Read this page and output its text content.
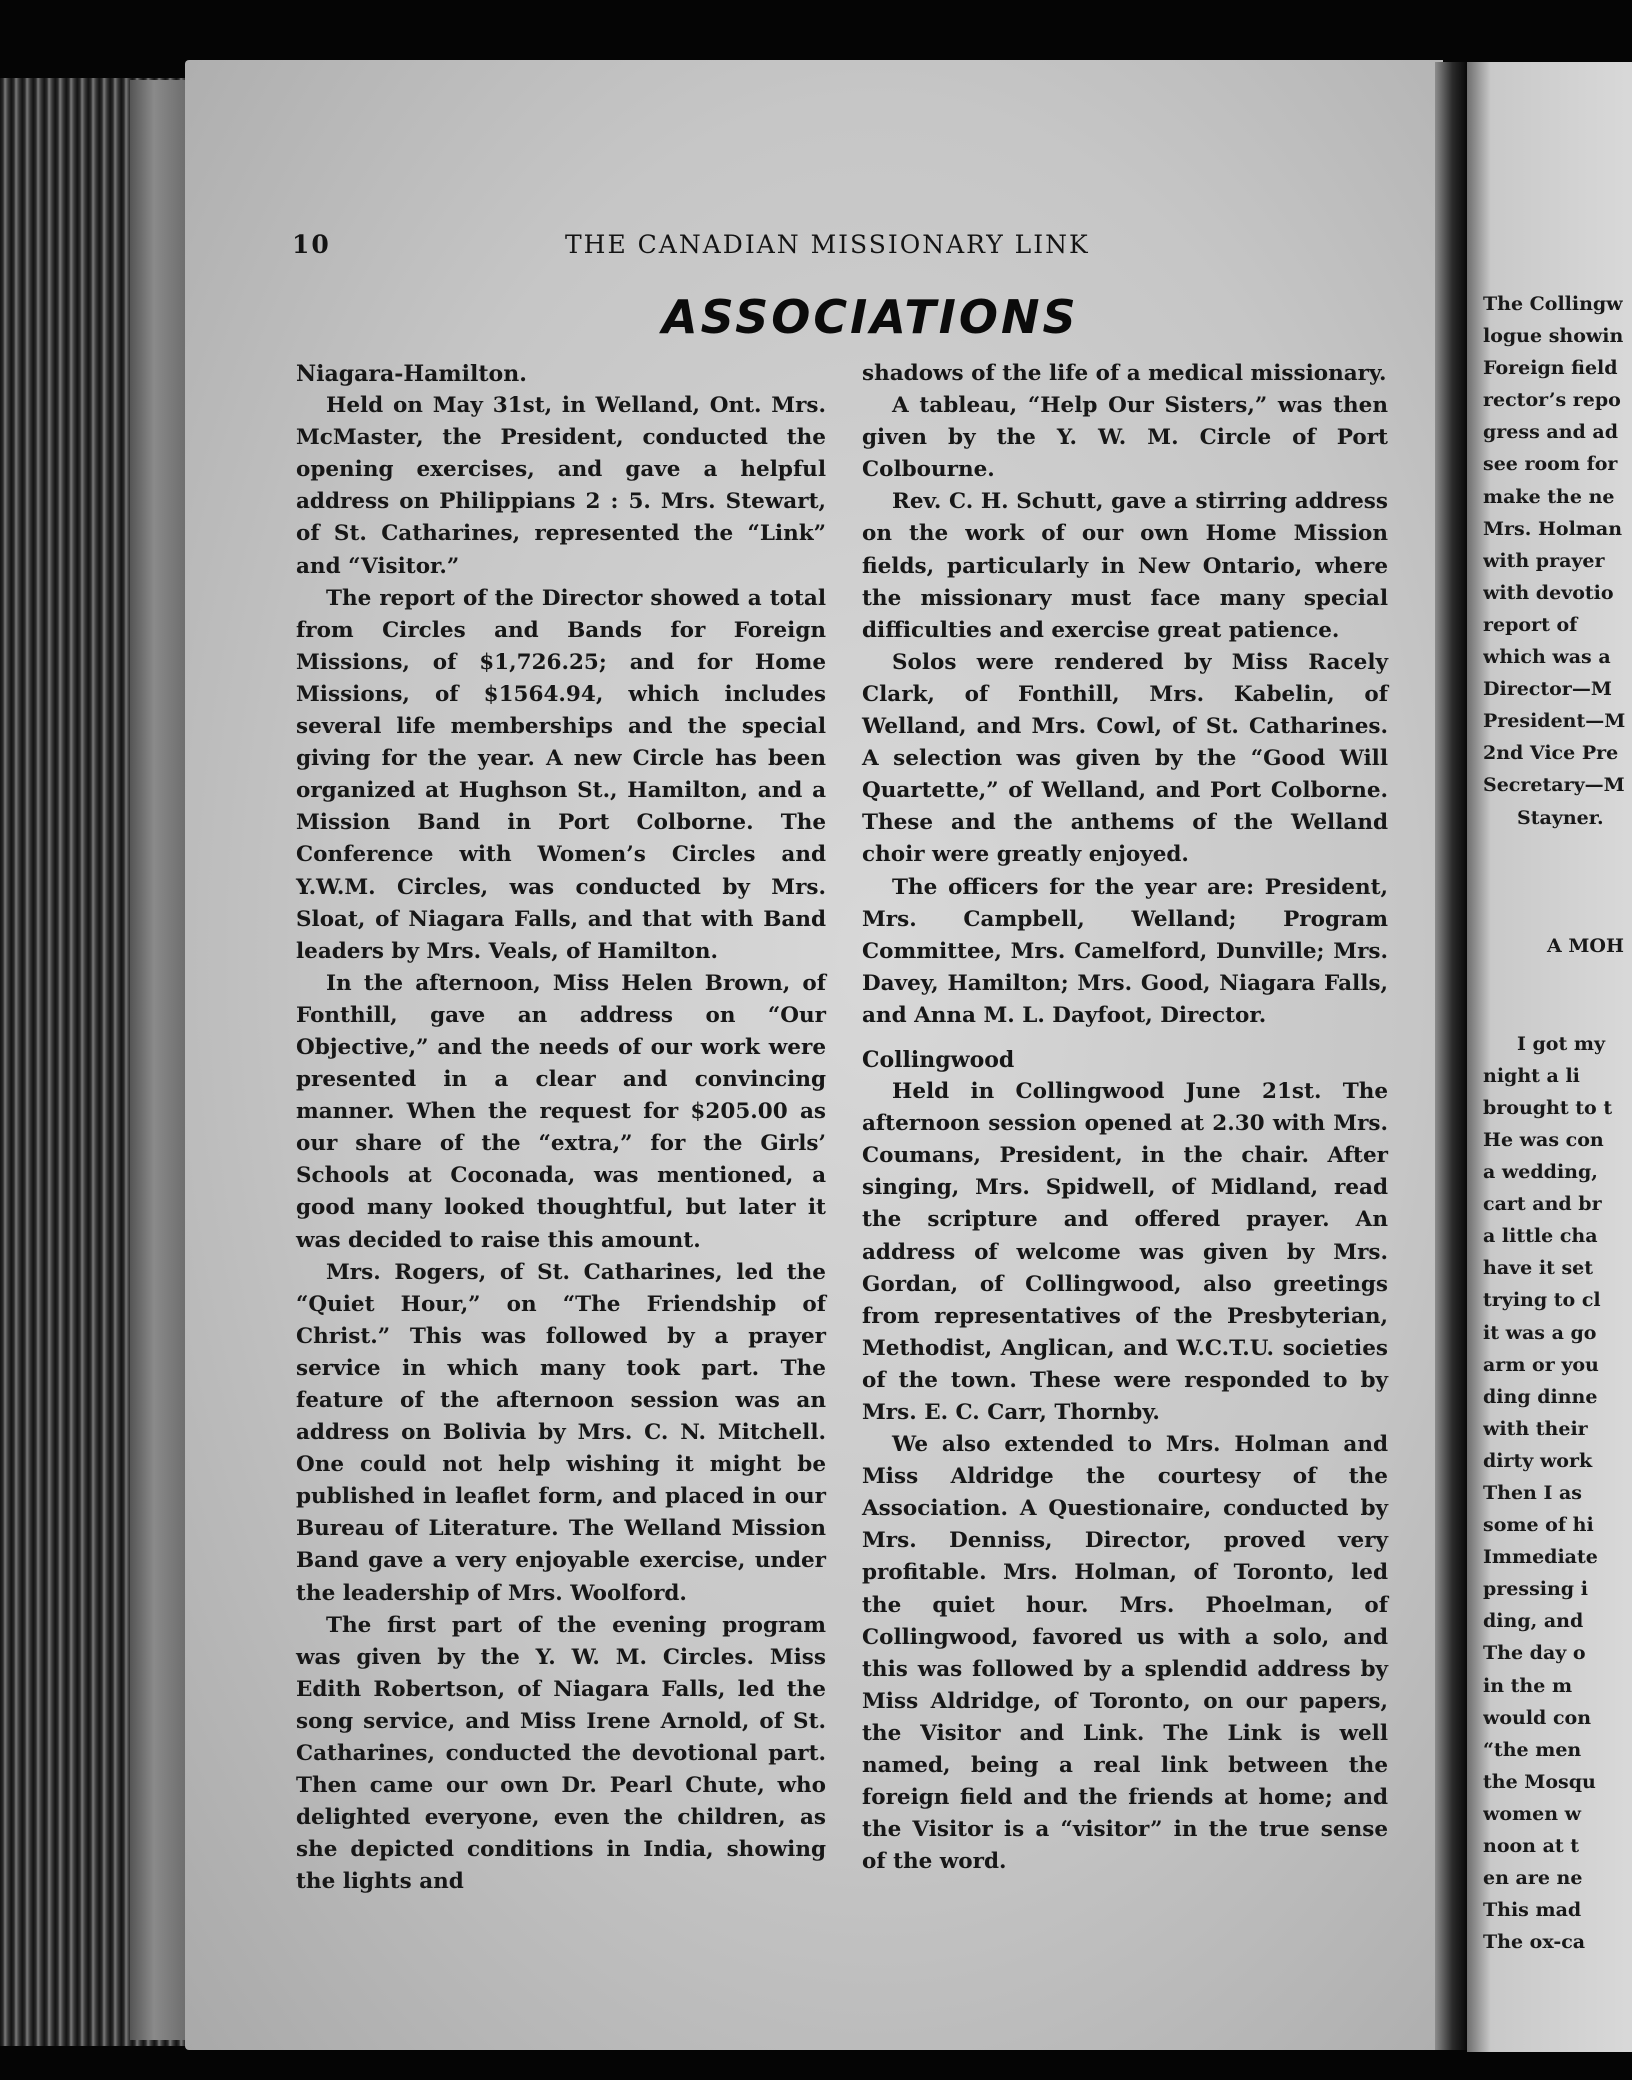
10	THE CANADIAN MISSIONARY LINK
ASSOCIATIONS
Niagara-Hamilton.

Held on May 31st, in Welland, Ont. Mrs. McMaster, the President, conducted the opening exercises, and gave a helpful address on Philippians 2 : 5. Mrs. Stewart, of St. Catharines, represented the “Link” and “Visitor.”

The report of the Director showed a total from Circles and Bands for Foreign Missions, of $1,726.25; and for Home Missions, of $1564.94, which includes several life memberships and the special giving for the year. A new Circle has been organized at Hughson St., Hamilton, and a Mission Band in Port Colborne. The Conference with Women’s Circles and Y.W.M. Circles, was conducted by Mrs. Sloat, of Niagara Falls, and that with Band leaders by Mrs. Veals, of Hamilton.

In the afternoon, Miss Helen Brown, of Fonthill, gave an address on “Our Objective,” and the needs of our work were presented in a clear and convincing manner. When the request for $205.00 as our share of the “extra,” for the Girls’ Schools at Coconada, was mentioned, a good many looked thoughtful, but later it was decided to raise this amount.

Mrs. Rogers, of St. Catharines, led the “Quiet Hour,” on “The Friendship of Christ.” This was followed by a prayer service in which many took part. The feature of the afternoon session was an address on Bolivia by Mrs. C. N. Mitchell. One could not help wishing it might be published in leaflet form, and placed in our Bureau of Literature. The Welland Mission Band gave a very enjoyable exercise, under the leadership of Mrs. Woolford.

The first part of the evening program was given by the Y. W. M. Circles. Miss Edith Robertson, of Niagara Falls, led the song service, and Miss Irene Arnold, of St. Catharines, conducted the devotional part. Then came our own Dr. Pearl Chute, who delighted everyone, even the children, as she depicted conditions in India, showing the lights and

shadows of the life of a medical missionary.

A tableau, “Help Our Sisters,” was then given by the Y. W. M. Circle of Port Colbourne.

Rev. C. H. Schutt, gave a stirring address on the work of our own Home Mission fields, particularly in New Ontario, where the missionary must face many special difficulties and exercise great patience.

Solos were rendered by Miss Racely Clark, of Fonthill, Mrs. Kabelin, of Welland, and Mrs. Cowl, of St. Catharines. A selection was given by the “Good Will Quartette,” of Welland, and Port Colborne. These and the anthems of the Welland choir were greatly enjoyed.

The officers for the year are: President, Mrs. Campbell, Welland; Program Committee, Mrs. Camelford, Dunville; Mrs. Davey, Hamilton; Mrs. Good, Niagara Falls, and Anna M. L. Dayfoot, Director.

Collingwood

Held in Collingwood June 21st. The afternoon session opened at 2.30 with Mrs. Coumans, President, in the chair. After singing, Mrs. Spidwell, of Midland, read the scripture and offered prayer. An address of welcome was given by Mrs. Gordan, of Collingwood, also greetings from representatives of the Presbyterian, Methodist, Anglican, and W.C.T.U. societies of the town. These were responded to by Mrs. E. C. Carr, Thornby.

We also extended to Mrs. Holman and Miss Aldridge the courtesy of the Association. A Questionaire, conducted by Mrs. Denniss, Director, proved very profitable. Mrs. Holman, of Toronto, led the quiet hour. Mrs. Phoelman, of Collingwood, favored us with a solo, and this was followed by a splendid address by Miss Aldridge, of Toronto, on our papers, the Visitor and Link. The Link is well named, being a real link between the foreign field and the friends at home; and the Visitor is a “visitor” in the true sense of the word.

The Collingw
logue showin
Foreign field
rector’s repo
gress and ad
see room for
make the ne
Mrs. Holman
with prayer
with devotio
report of
which was a
Director—M
President—M
2nd Vice Pre
Secretary—M
Stayner.
A MOH
I got my
night a li
brought to t
He was con
a wedding,
cart and br
a little cha
have it set
trying to cl
it was a go
arm or you
ding dinne
with their
dirty work
Then I as
some of hi
Immediate
pressing i
ding, and
The day o
in the m
would con
“the men
the Mosqu
women w
noon at t
en are ne
This mad
The ox-ca
